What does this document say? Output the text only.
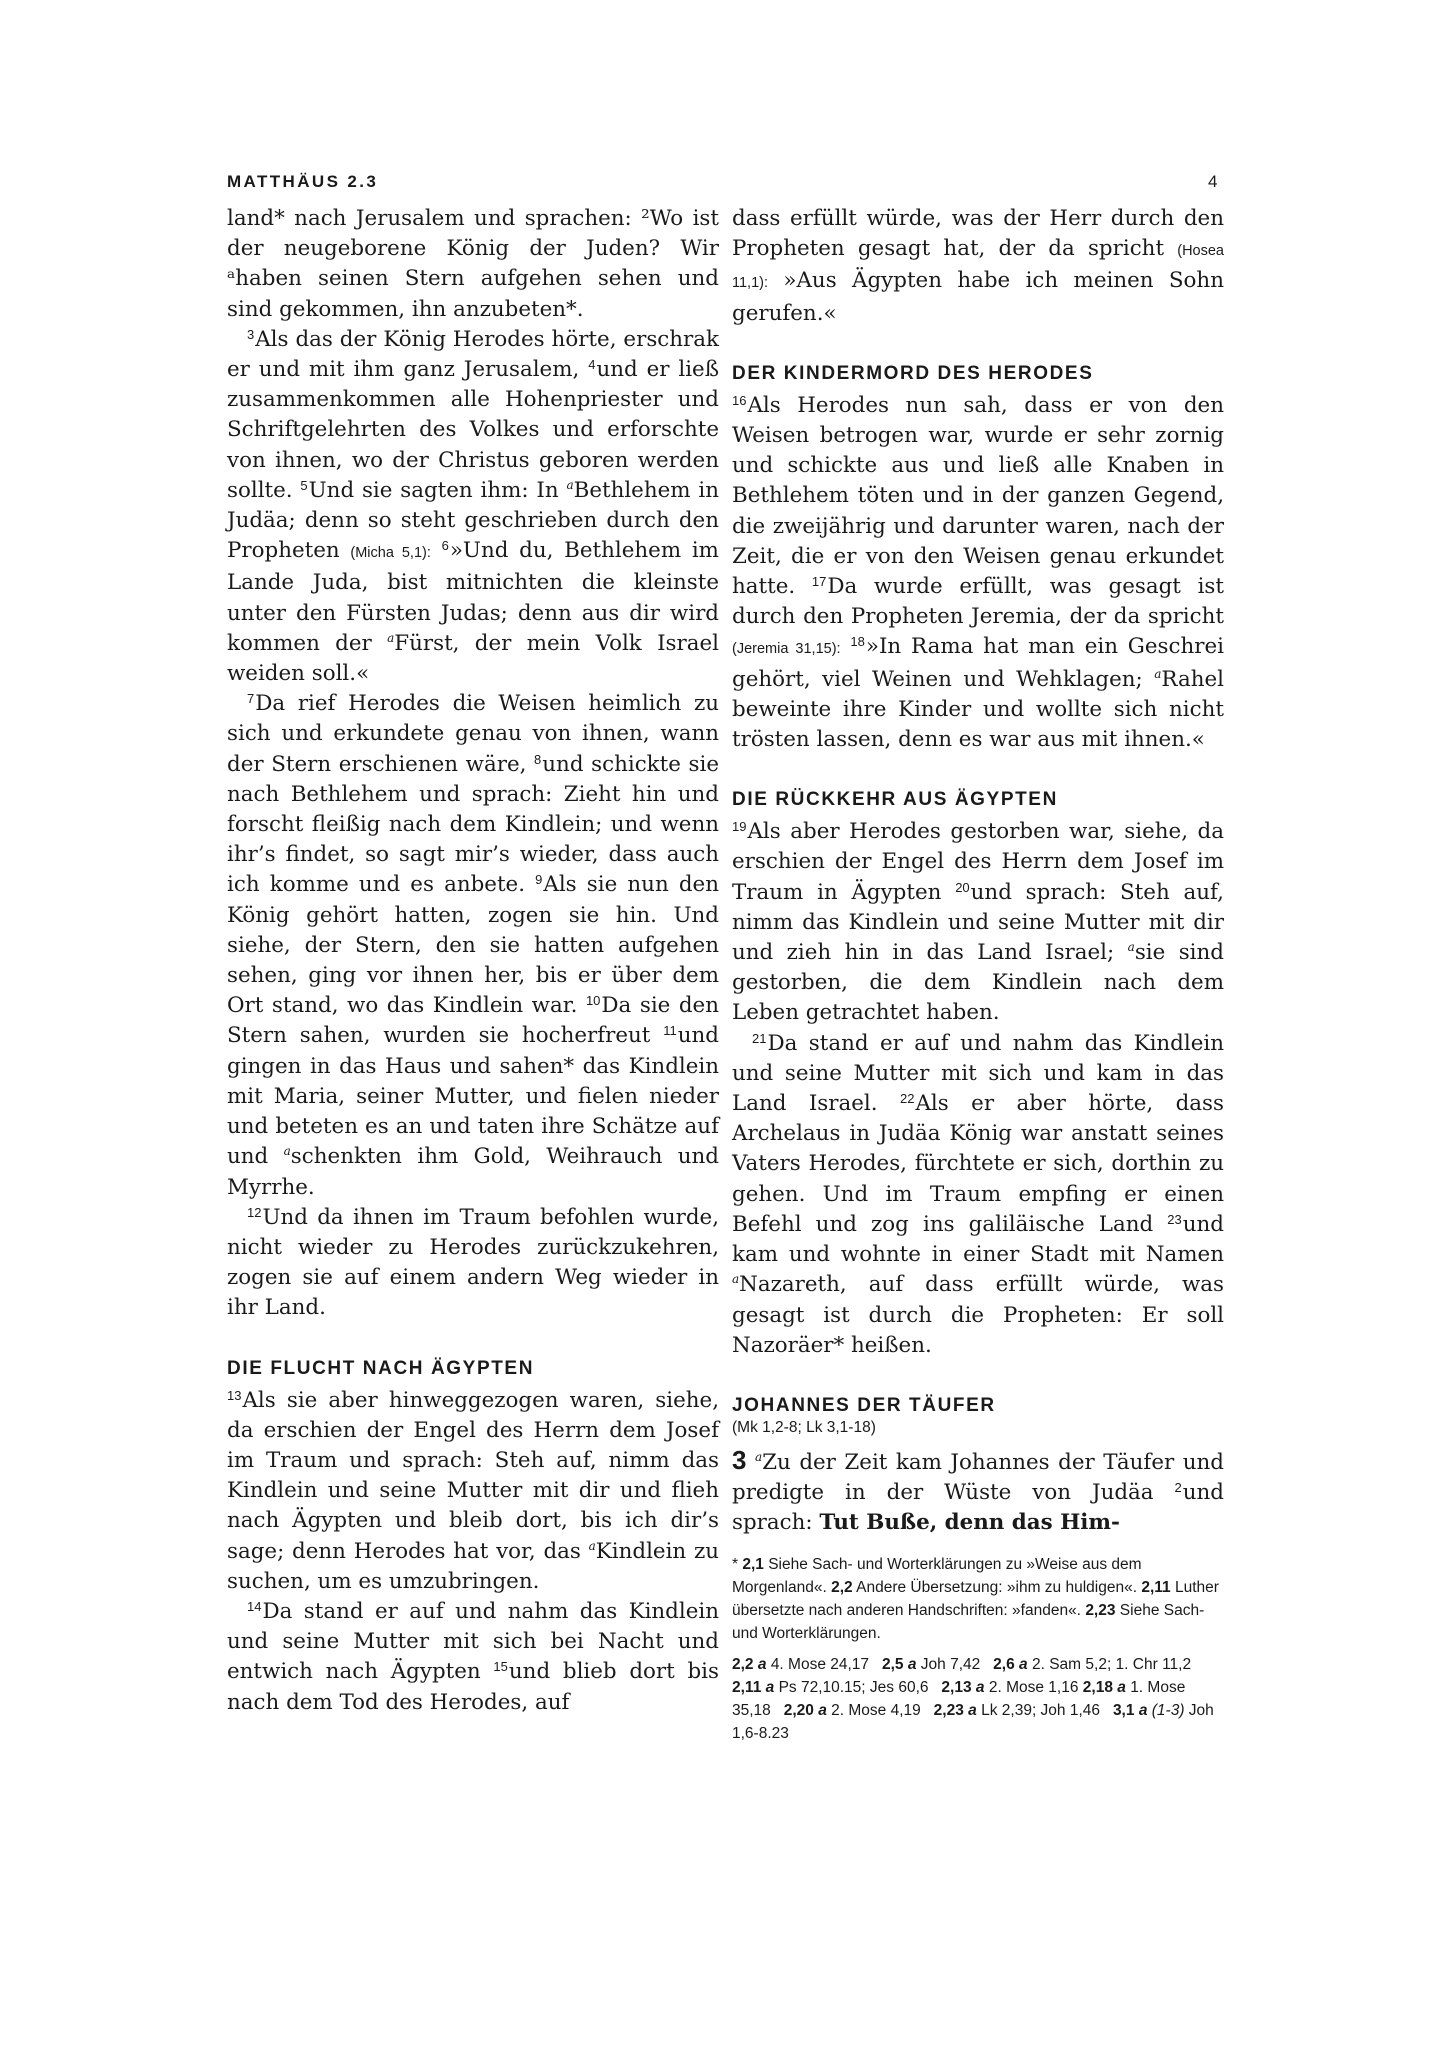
MATTHÄUS 2.3	4

land* nach Jerusalem und sprachen: ²Wo ist der neugeborene König der Juden? Wir ᵃhaben seinen Stern aufgehen sehen und sind gekommen, ihn anzubeten*.

$^3$Als das der König Herodes hörte, erschrak er und mit ihm ganz Jerusalem, $^4$und er ließ zusammenkommen alle Hohenpriester und Schriftgelehrten des Volkes und erforschte von ihnen, wo der Christus geboren werden sollte. $^5$Und sie sagten ihm: In $^a$Bethlehem in Judäa; denn so steht geschrieben durch den Propheten (Micha 5,1): $^6$»Und du, Bethlehem im Lande Juda, bist mitnichten die kleinste unter den Fürsten Judas; denn aus dir wird kommen der $^a$Fürst, der mein Volk Israel weiden soll.«

$^7$Da rief Herodes die Weisen heimlich zu sich und erkundete genau von ihnen, wann der Stern erschienen wäre, $^8$und schickte sie nach Bethlehem und sprach: Zieht hin und forscht fleißig nach dem Kindlein; und wenn ihr’s findet, so sagt mir’s wieder, dass auch ich komme und es anbete. $^9$Als sie nun den König gehört hatten, zogen sie hin. Und siehe, der Stern, den sie hatten aufgehen sehen, ging vor ihnen her, bis er über dem Ort stand, wo das Kindlein war. $^{10}$Da sie den Stern sahen, wurden sie hocherfreut $^{11}$und gingen in das Haus und sahen* das Kindlein mit Maria, seiner Mutter, und fielen nieder und beteten es an und taten ihre Schätze auf und $^a$schenkten ihm Gold, Weihrauch und Myrrhe.

$^{12}$Und da ihnen im Traum befohlen wurde, nicht wieder zu Herodes zurückzukehren, zogen sie auf einem andern Weg wieder in ihr Land.

DIE FLUCHT NACH ÄGYPTEN

$^{13}$Als sie aber hinweggezogen waren, siehe, da erschien der Engel des Herrn dem Josef im Traum und sprach: Steh auf, nimm das Kindlein und seine Mutter mit dir und flieh nach Ägypten und bleib dort, bis ich dir’s sage; denn Herodes hat vor, das $^a$Kindlein zu suchen, um es umzubringen.

$^{14}$Da stand er auf und nahm das Kindlein und seine Mutter mit sich bei Nacht und entwich nach Ägypten $^{15}$und blieb dort bis nach dem Tod des Herodes, auf

dass erfüllt würde, was der Herr durch den Propheten gesagt hat, der da spricht (Hosea 11,1): »Aus Ägypten habe ich meinen Sohn gerufen.«

DER KINDERMORD DES HERODES

$^{16}$Als Herodes nun sah, dass er von den Weisen betrogen war, wurde er sehr zornig und schickte aus und ließ alle Knaben in Bethlehem töten und in der ganzen Gegend, die zweijährig und darunter waren, nach der Zeit, die er von den Weisen genau erkundet hatte. $^{17}$Da wurde erfüllt, was gesagt ist durch den Propheten Jeremia, der da spricht (Jeremia 31,15): $^{18}$»In Rama hat man ein Geschrei gehört, viel Weinen und Wehklagen; $^a$Rahel beweinte ihre Kinder und wollte sich nicht trösten lassen, denn es war aus mit ihnen.«

DIE RÜCKKEHR AUS ÄGYPTEN

$^{19}$Als aber Herodes gestorben war, siehe, da erschien der Engel des Herrn dem Josef im Traum in Ägypten $^{20}$und sprach: Steh auf, nimm das Kindlein und seine Mutter mit dir und zieh hin in das Land Israel; $^a$sie sind gestorben, die dem Kindlein nach dem Leben getrachtet haben.

$^{21}$Da stand er auf und nahm das Kindlein und seine Mutter mit sich und kam in das Land Israel. $^{22}$Als er aber hörte, dass Archelaus in Judäa König war anstatt seines Vaters Herodes, fürchtete er sich, dorthin zu gehen. Und im Traum empfing er einen Befehl und zog ins galiläische Land $^{23}$und kam und wohnte in einer Stadt mit Namen $^a$Nazareth, auf dass erfüllt würde, was gesagt ist durch die Propheten: Er soll Nazoräer* heißen.

JOHANNES DER TÄUFER
(Mk 1,2-8; Lk 3,1-18)

3 $^a$Zu der Zeit kam Johannes der Täufer und predigte in der Wüste von Judäa $^2$und sprach: Tut Buße, denn das Him-

* 2,1 Siehe Sach- und Worterklärungen zu »Weise aus dem Morgenland«. 2,2 Andere Übersetzung: »ihm zu huldigen«. 2,11 Luther übersetzte nach anderen Handschriften: »fanden«. 2,23 Siehe Sach- und Worterklärungen.
2,2 a 4. Mose 24,17 2,5 a Joh 7,42 2,6 a 2. Sam 5,2; 1. Chr 11,2   2,11 a Ps 72,10.15; Jes 60,6 2,13 a 2. Mose 1,16 2,18 a 1. Mose 35,18 2,20 a 2. Mose 4,19 2,23 a Lk 2,39; Joh 1,46 3,1 a (1-3) Joh 1,6-8.23
